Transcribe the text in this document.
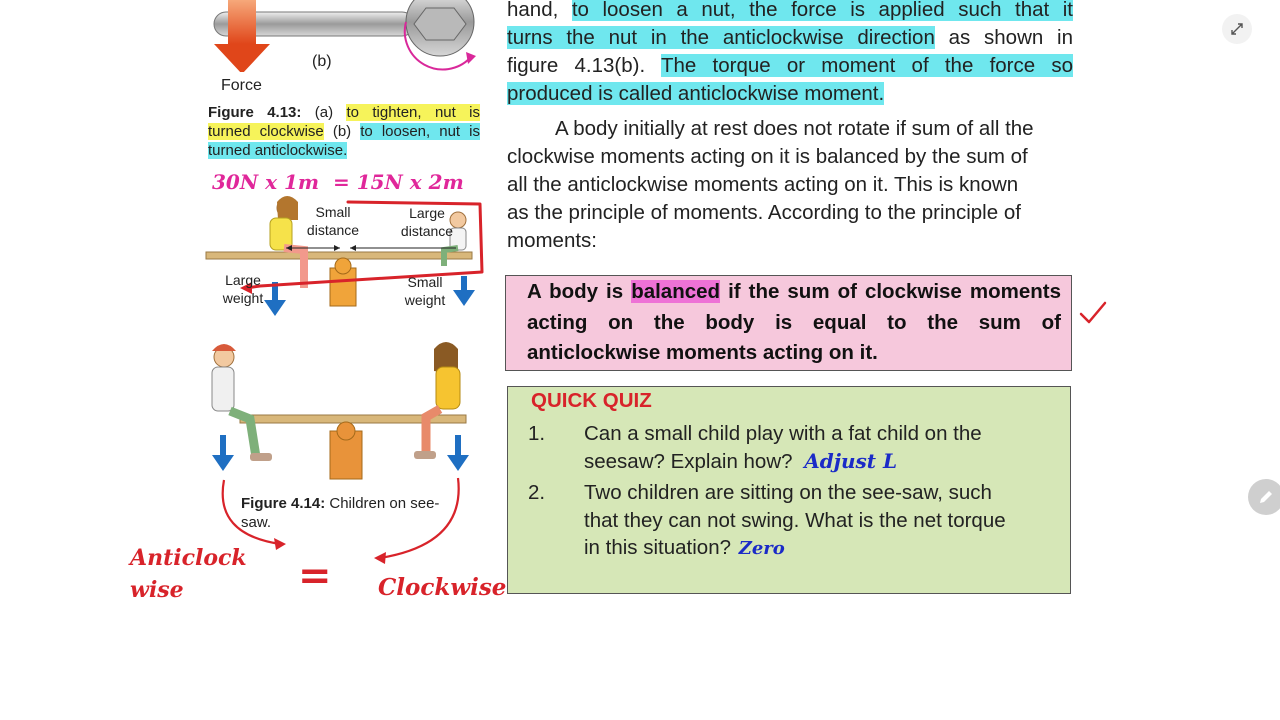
hand, to loosen a nut, the force is applied such that it
turns the nut in the anticlockwise direction as shown in
figure 4.13(b). The torque or moment of the force so
produced is called anticlockwise moment.
A body initially at rest does not rotate if sum of all the
clockwise moments acting on it is balanced by the sum of
all the anticlockwise moments acting on it. This is known
as the principle of moments. According to the principle of
moments:
A body is balanced if the sum of clockwise moments acting on the body is equal to the sum of anticlockwise moments acting on it.
QUICK QUIZ
1. Can a small child play with a fat child on the
seesaw? Explain how? Adjust L
2. Two children are sitting on the see-saw, such
that they can not swing. What is the net torque
in this situation? Zero
Force
(b)
Figure 4.13: (a) to tighten, nut is
turned clockwise (b) to loosen, nut is
turned anticlockwise.
30N x 1m  = 15N x 2m
Small
distance
Large
distance
Large
weight
Small
weight
Figure 4.14: Children on see-saw.
Anticlock wise	= Clockwise
